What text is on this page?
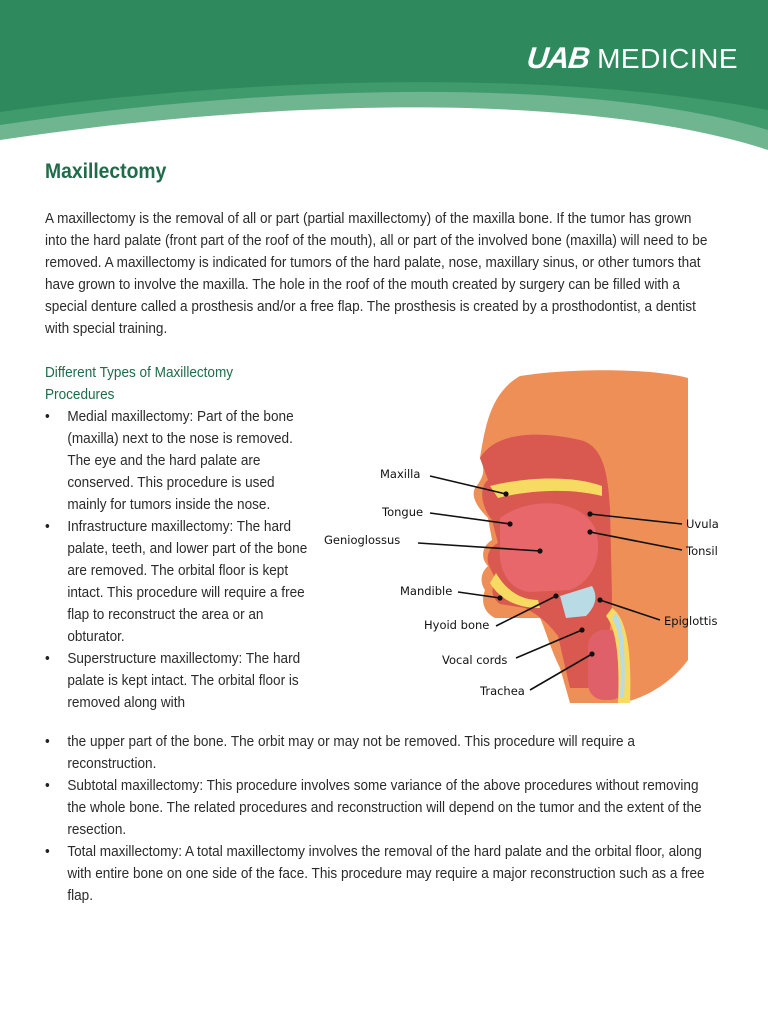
UAB MEDICINE
Maxillectomy

A maxillectomy is the removal of all or part (partial maxillectomy) of the maxilla bone. If the tumor has grown into the hard palate (front part of the roof of the mouth), all or part of the involved bone (maxilla) will need to be removed. A maxillectomy is indicated for tumors of the hard palate, nose, maxillary sinus, or other tumors that have grown to involve the maxilla. The hole in the roof of the mouth created by surgery can be filled with a special denture called a prosthesis and/or a free flap. The prosthesis is created by a prosthodontist, a dentist with special training.

Different Types of Maxillectomy Procedures
• Medial maxillectomy: Part of the bone (maxilla) next to the nose is removed. The eye and the hard palate are conserved. This procedure is used mainly for tumors inside the nose.
• Infrastructure maxillectomy: The hard palate, teeth, and lower part of the bone are removed. The orbital floor is kept intact. This procedure will require a free flap to reconstruct the area or an obturator.
• Superstructure maxillectomy: The hard palate is kept intact. The orbital floor is removed along with
• the upper part of the bone. The orbit may or may not be removed. This procedure will require a reconstruction.
• Subtotal maxillectomy: This procedure involves some variance of the above procedures without removing the whole bone. The related procedures and reconstruction will depend on the tumor and the extent of the resection.
• Total maxillectomy: A total maxillectomy involves the removal of the hard palate and the orbital floor, along with entire bone on one side of the face. This procedure may require a major reconstruction such as a free flap.
Maxilla
Tongue
Genioglossus
Mandible
Hyoid bone
Vocal cords
Trachea
Uvula
Tonsil
Epiglottis
